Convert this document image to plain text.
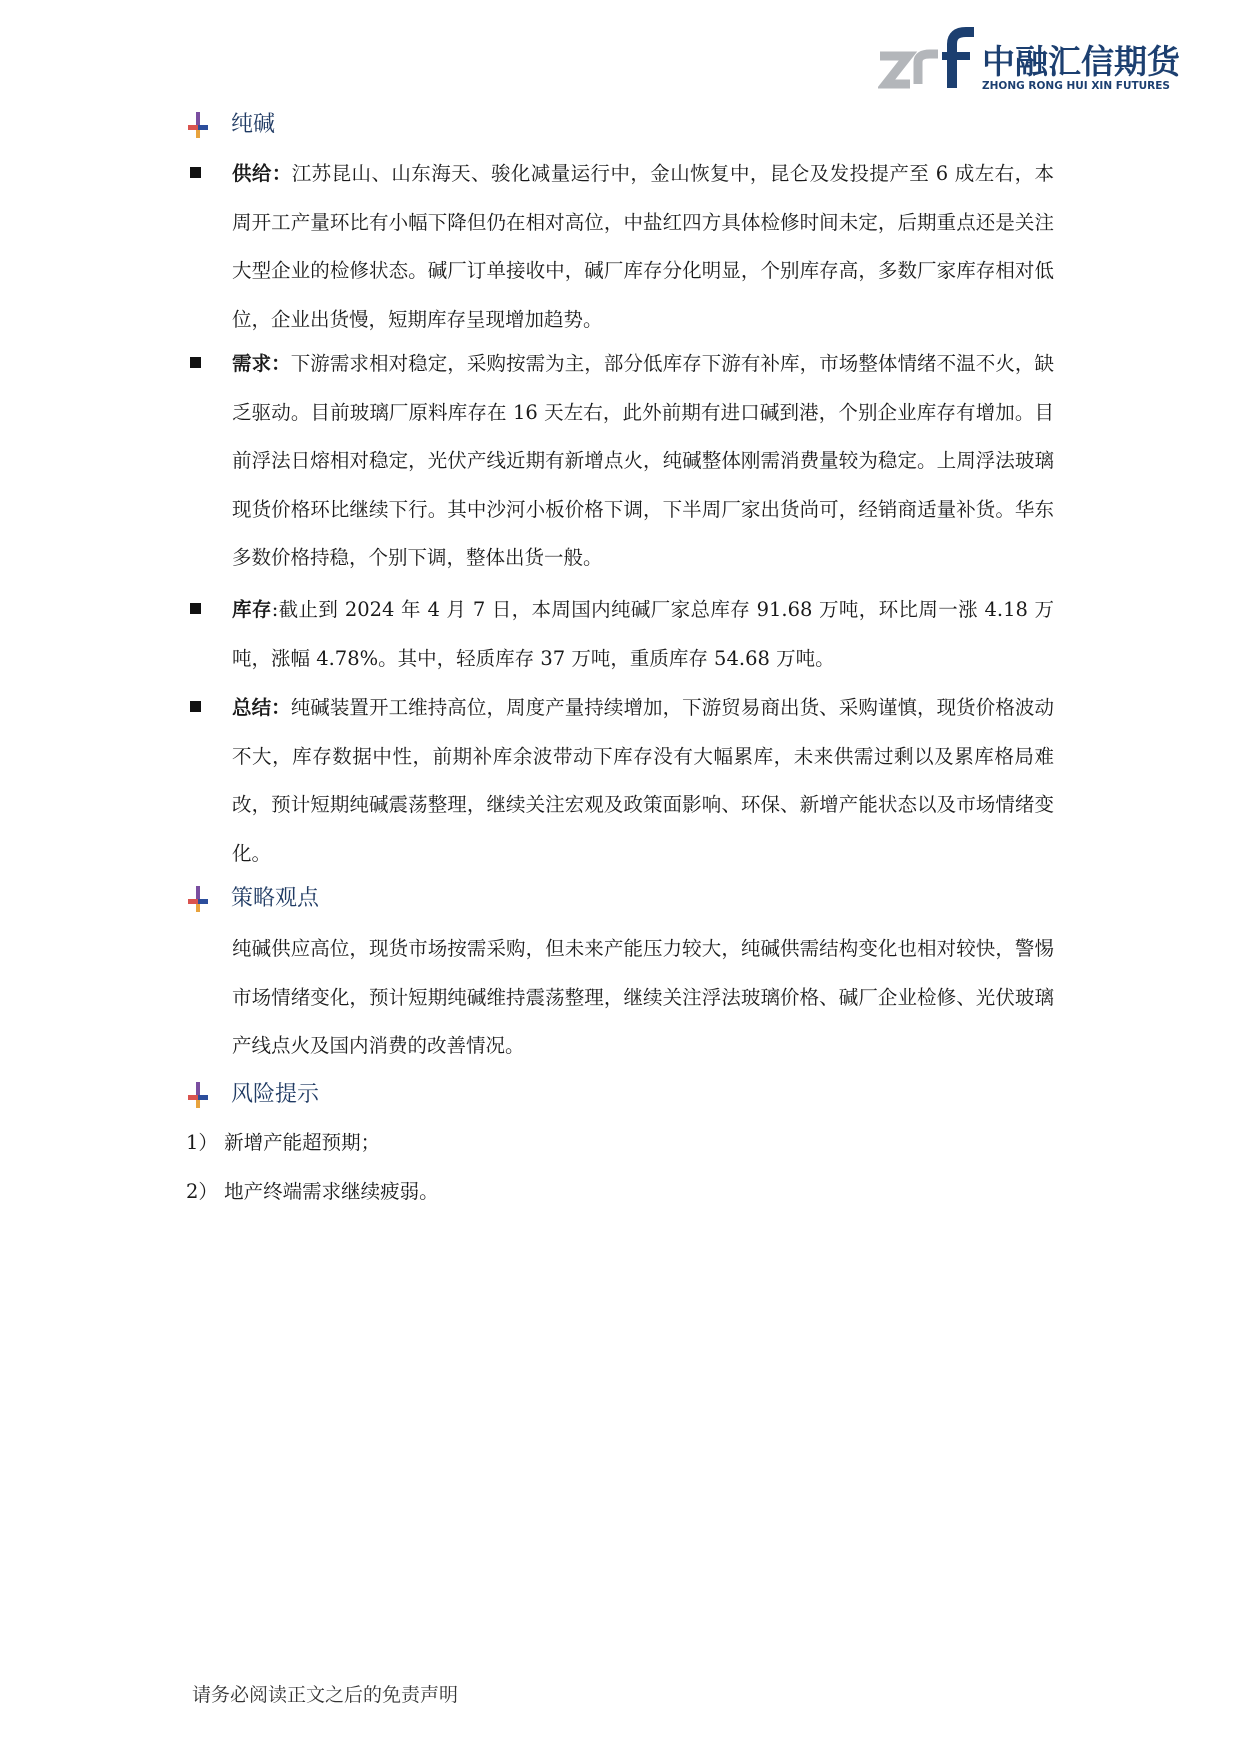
中融汇信期货
ZHONG RONG HUI XIN FUTURES
纯碱
供给：江苏昆山、山东海天、骏化减量运行中，金山恢复中，昆仑及发投提产至 6 成左右，本周开工产量环比有小幅下降但仍在相对高位，中盐红四方具体检修时间未定，后期重点还是关注大型企业的检修状态。碱厂订单接收中，碱厂库存分化明显，个别库存高，多数厂家库存相对低位，企业出货慢，短期库存呈现增加趋势。
需求：下游需求相对稳定，采购按需为主，部分低库存下游有补库，市场整体情绪不温不火，缺乏驱动。目前玻璃厂原料库存在 16 天左右，此外前期有进口碱到港，个别企业库存有增加。目前浮法日熔相对稳定，光伏产线近期有新增点火，纯碱整体刚需消费量较为稳定。上周浮法玻璃现货价格环比继续下行。其中沙河小板价格下调，下半周厂家出货尚可，经销商适量补货。华东多数价格持稳，个别下调，整体出货一般。
库存:截止到 2024 年 4 月 7 日，本周国内纯碱厂家总库存 91.68 万吨，环比周一涨 4.18 万吨，涨幅 4.78%。其中，轻质库存 37 万吨，重质库存 54.68 万吨。
总结：纯碱装置开工维持高位，周度产量持续增加，下游贸易商出货、采购谨慎，现货价格波动不大，库存数据中性，前期补库余波带动下库存没有大幅累库，未来供需过剩以及累库格局难改，预计短期纯碱震荡整理，继续关注宏观及政策面影响、环保、新增产能状态以及市场情绪变化。
策略观点
纯碱供应高位，现货市场按需采购，但未来产能压力较大，纯碱供需结构变化也相对较快，警惕市场情绪变化，预计短期纯碱维持震荡整理，继续关注浮法玻璃价格、碱厂企业检修、光伏玻璃产线点火及国内消费的改善情况。
风险提示
1） 新增产能超预期；
2） 地产终端需求继续疲弱。
请务必阅读正文之后的免责声明
